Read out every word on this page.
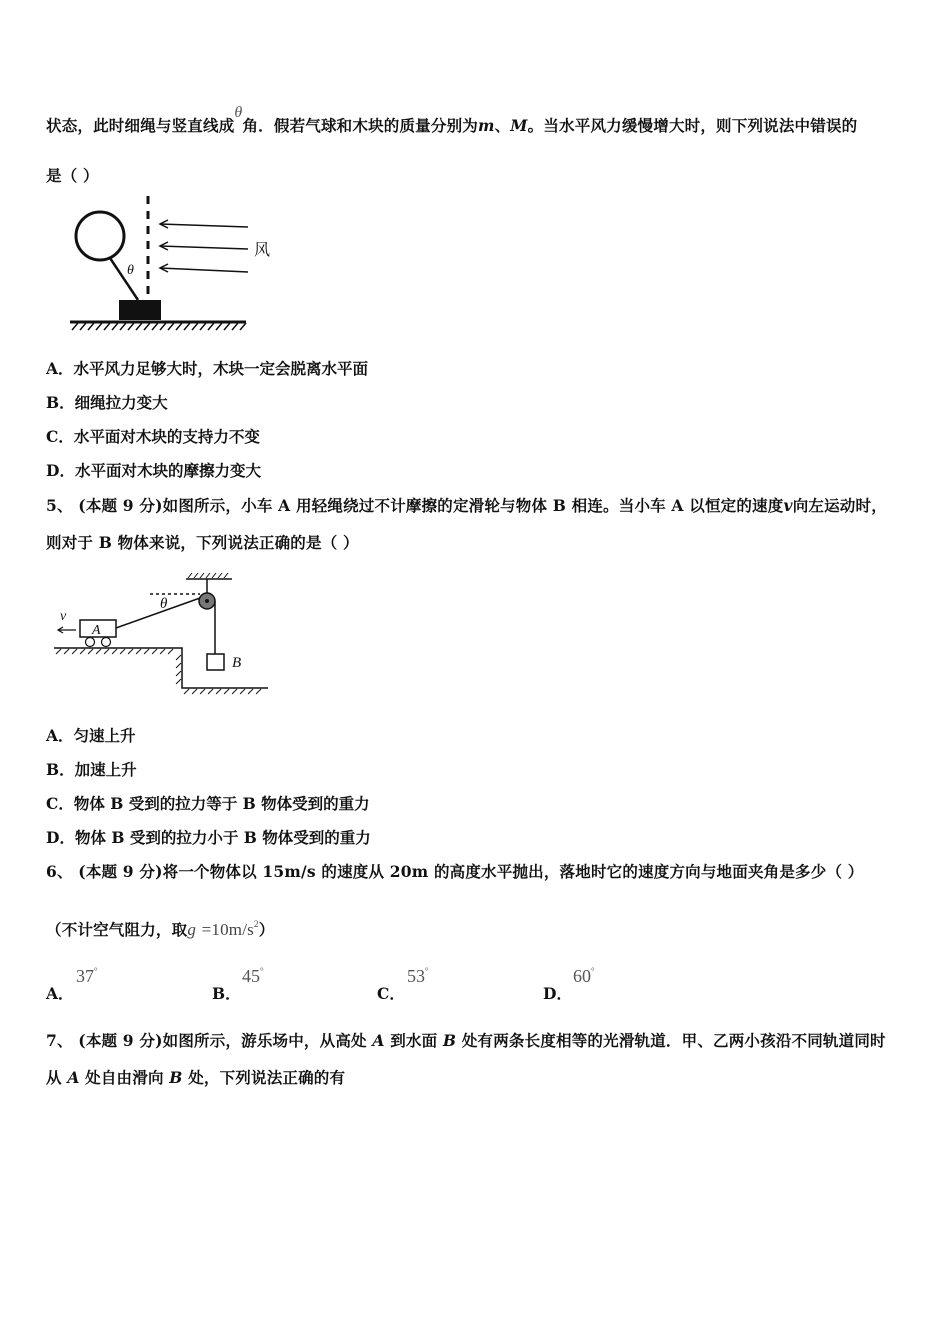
状态，此时细绳与竖直线成θ角．假若气球和木块的质量分别为m、M。当水平风力缓慢增大时，则下列说法中错误的
是（ ）
风
θ
A．水平风力足够大时，木块一定会脱离水平面
B．细绳拉力变大
C．水平面对木块的支持力不变
D．水平面对木块的摩擦力变大
5、 (本题 9 分)如图所示，小车 A 用轻绳绕过不计摩擦的定滑轮与物体 B 相连。当小车 A 以恒定的速度v向左运动时，
则对于 B 物体来说，下列说法正确的是（ ）
θ
B
A
v
A．匀速上升
B．加速上升
C．物体 B 受到的拉力等于 B 物体受到的重力
D．物体 B 受到的拉力小于 B 物体受到的重力
6、 (本题 9 分)将一个物体以 15m/s 的速度从 20m 的高度水平抛出，落地时它的速度方向与地面夹角是多少（ ）
（不计空气阻力，取$g =10m/s^2$）
A．
37°
B．
45°
C．
53°
D．
60°
7、 (本题 9 分)如图所示，游乐场中，从高处 A 到水面 B 处有两条长度相等的光滑轨道．甲、乙两小孩沿不同轨道同时
从 A 处自由滑向 B 处，下列说法正确的有
